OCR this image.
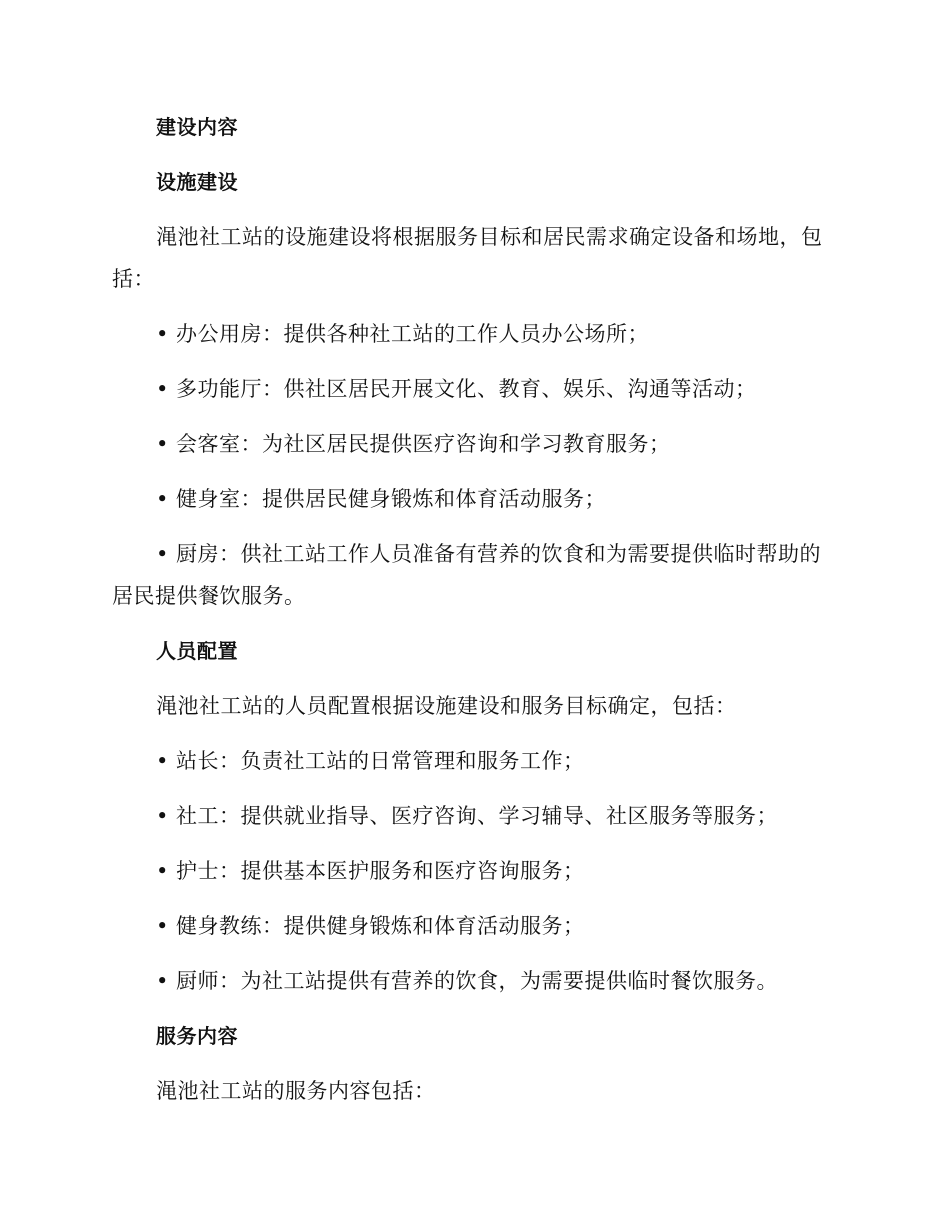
建设内容
设施建设
渑池社工站的设施建设将根据服务目标和居民需求确定设备和场地，包
括：
• 办公用房：提供各种社工站的工作人员办公场所；
• 多功能厅：供社区居民开展文化、教育、娱乐、沟通等活动；
• 会客室：为社区居民提供医疗咨询和学习教育服务；
• 健身室：提供居民健身锻炼和体育活动服务；
• 厨房：供社工站工作人员准备有营养的饮食和为需要提供临时帮助的
居民提供餐饮服务。
人员配置
渑池社工站的人员配置根据设施建设和服务目标确定，包括：
• 站长：负责社工站的日常管理和服务工作；
• 社工：提供就业指导、医疗咨询、学习辅导、社区服务等服务；
• 护士：提供基本医护服务和医疗咨询服务；
• 健身教练：提供健身锻炼和体育活动服务；
• 厨师：为社工站提供有营养的饮食，为需要提供临时餐饮服务。
服务内容
渑池社工站的服务内容包括：
